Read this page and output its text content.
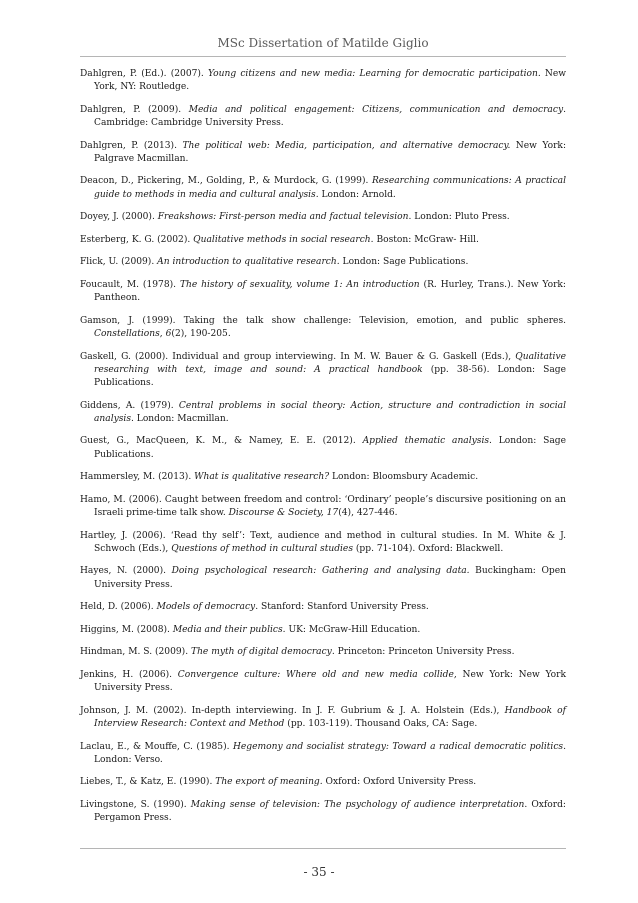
MSc Dissertation of Matilde Giglio

Dahlgren, P. (Ed.). (2007). Young citizens and new media: Learning for democratic participation. New York, NY: Routledge.

Dahlgren, P. (2009). Media and political engagement: Citizens, communication and democracy. Cambridge: Cambridge University Press.

Dahlgren, P. (2013). The political web: Media, participation, and alternative democracy. New York: Palgrave Macmillan.

Deacon, D., Pickering, M., Golding, P., & Murdock, G. (1999). Researching communications: A practical guide to methods in media and cultural analysis. London: Arnold.

Doyey, J. (2000). Freakshows: First-person media and factual television. London: Pluto Press.

Esterberg, K. G. (2002). Qualitative methods in social research. Boston: McGraw- Hill.

Flick, U. (2009). An introduction to qualitative research. London: Sage Publications.

Foucault, M. (1978). The history of sexuality, volume 1: An introduction (R. Hurley, Trans.). New York: Pantheon.

Gamson, J. (1999). Taking the talk show challenge: Television, emotion, and public spheres. Constellations, 6(2), 190-205.

Gaskell, G. (2000). Individual and group interviewing. In M. W. Bauer & G. Gaskell (Eds.), Qualitative researching with text, image and sound: A practical handbook (pp. 38-56). London: Sage Publications.

Giddens, A. (1979). Central problems in social theory: Action, structure and contradiction in social analysis. London: Macmillan.

Guest, G., MacQueen, K. M., & Namey, E. E. (2012). Applied thematic analysis. London: Sage Publications.

Hammersley, M. (2013). What is qualitative research? London: Bloomsbury Academic.

Hamo, M. (2006). Caught between freedom and control: ‘Ordinary’ people’s discursive positioning on an Israeli prime-time talk show. Discourse & Society, 17(4), 427-446.

Hartley, J. (2006). ‘Read thy self’: Text, audience and method in cultural studies. In M. White & J. Schwoch (Eds.), Questions of method in cultural studies (pp. 71-104). Oxford: Blackwell.

Hayes, N. (2000). Doing psychological research: Gathering and analysing data. Buckingham: Open University Press.

Held, D. (2006). Models of democracy. Stanford: Stanford University Press.

Higgins, M. (2008). Media and their publics. UK: McGraw-Hill Education.

Hindman, M. S. (2009). The myth of digital democracy. Princeton: Princeton University Press.

Jenkins, H. (2006). Convergence culture: Where old and new media collide, New York: New York University Press.

Johnson, J. M. (2002). In-depth interviewing. In J. F. Gubrium & J. A. Holstein (Eds.), Handbook of Interview Research: Context and Method (pp. 103-119). Thousand Oaks, CA: Sage.

Laclau, E., & Mouffe, C. (1985). Hegemony and socialist strategy: Toward a radical democratic politics. London: Verso.

Liebes, T., & Katz, E. (1990). The export of meaning. Oxford: Oxford University Press.

Livingstone, S. (1990). Making sense of television: The psychology of audience interpretation. Oxford: Pergamon Press.

- 35 -
